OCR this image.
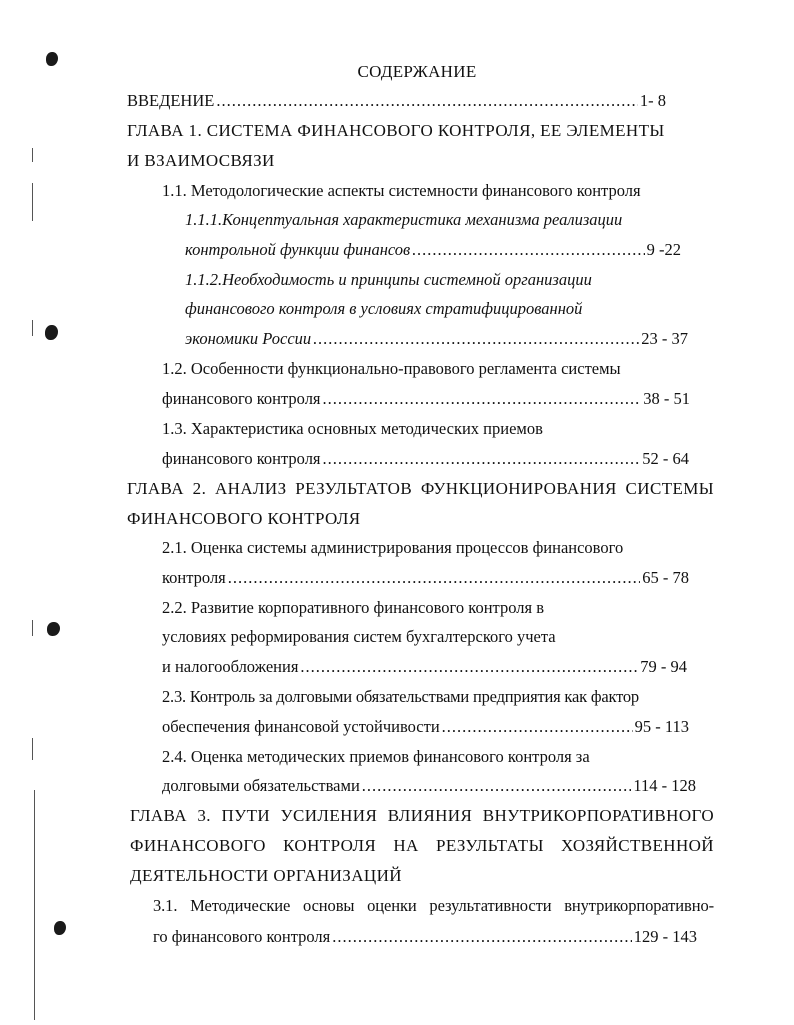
СОДЕРЖАНИЕ
ВВЕДЕНИЕ .....	1- 8
ГЛАВА 1. СИСТЕМА ФИНАНСОВОГО КОНТРОЛЯ, ЕЕ ЭЛЕМЕНТЫ
И ВЗАИМОСВЯЗИ
1.1. Методологические аспекты системности финансового контроля
1.1.1.Концептуальная характеристика механизма реализации
контрольной функции финансов .....	9 -22
1.1.2.Необходимость и принципы системной организации
финансового контроля в условиях стратифицированной
экономики России .....	23 - 37
1.2. Особенности функционально-правового регламента системы
финансового контроля .....	38 - 51
1.3. Характеристика основных методических приемов
финансового контроля .....	52 - 64
ГЛАВА 2. АНАЛИЗ РЕЗУЛЬТАТОВ ФУНКЦИОНИРОВАНИЯ СИСТЕМЫ
ФИНАНСОВОГО КОНТРОЛЯ
2.1. Оценка системы администрирования процессов финансового
контроля .....	65 - 78
2.2. Развитие корпоративного финансового контроля в
условиях реформирования систем бухгалтерского учета
и налогообложения .....	79 - 94
2.3. Контроль за долговыми обязательствами предприятия как фактор
обеспечения финансовой устойчивости .....	95 - 113
2.4. Оценка методических приемов финансового контроля за
долговыми обязательствами .....	114 - 128
ГЛАВА 3. ПУТИ УСИЛЕНИЯ ВЛИЯНИЯ ВНУТРИКОРПОРАТИВНОГО
ФИНАНСОВОГО КОНТРОЛЯ НА РЕЗУЛЬТАТЫ ХОЗЯЙСТВЕННОЙ
ДЕЯТЕЛЬНОСТИ ОРГАНИЗАЦИЙ
3.1. Методические основы оценки результативности внутрикорпоративно-
го финансового контроля .....	129 - 143
